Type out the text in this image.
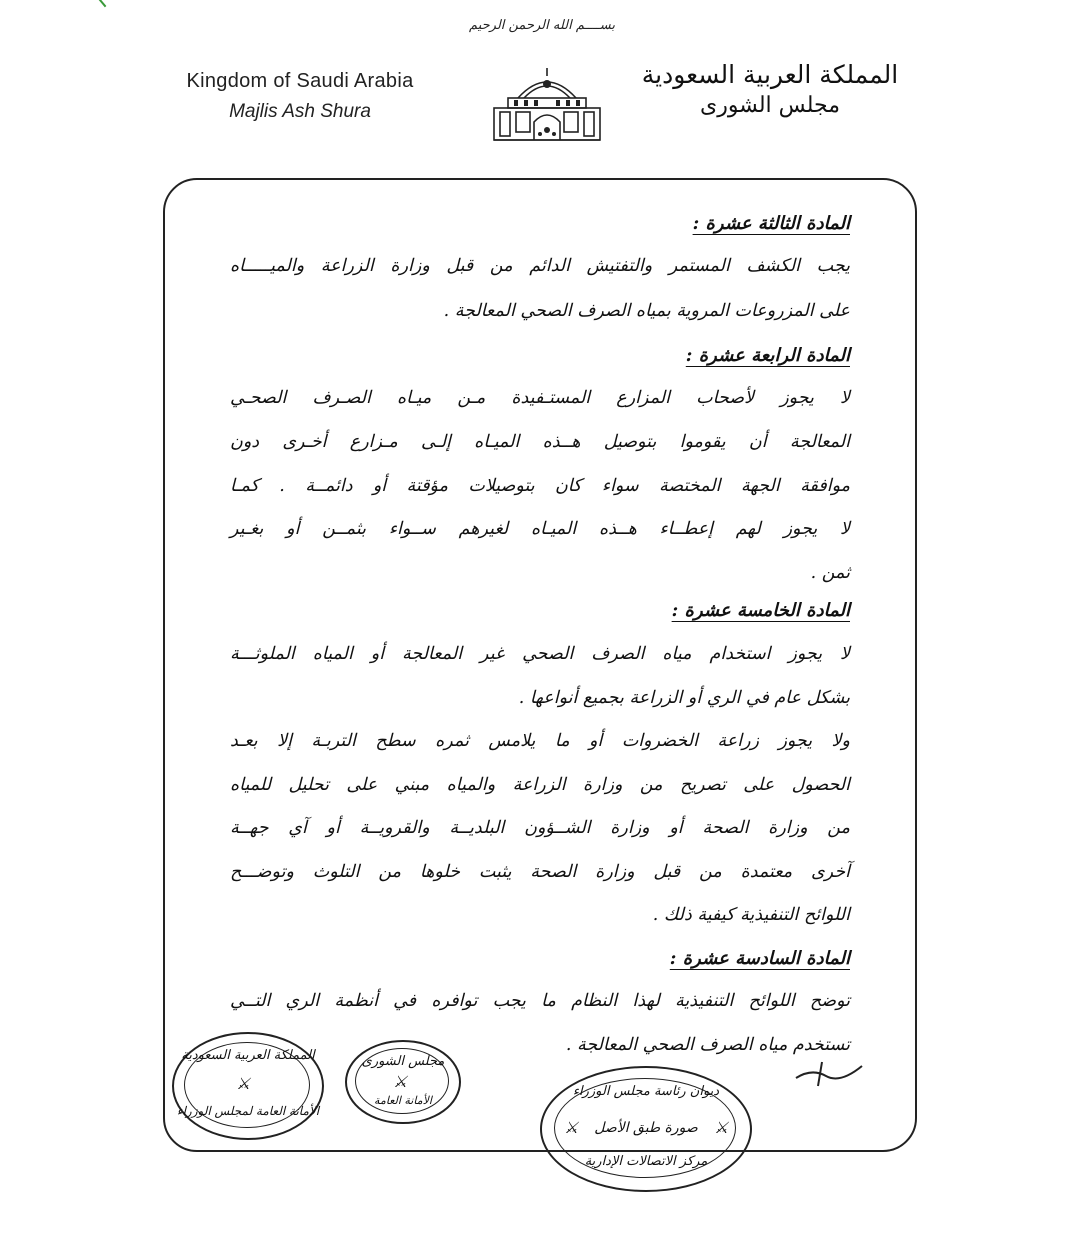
بســــم الله الرحمن الرحيم
Kingdom of Saudi Arabia
Majlis Ash Shura
المملكة العربية السعودية
مجلس الشورى
المادة الثالثة عشرة :
يجب الكشف المستمر والتفتيش الدائم من قبل وزارة الزراعة والميـــــاه
على المزروعات المروية بمياه الصرف الصحي المعالجة .
المادة الرابعة عشرة :
لا يجوز لأصحاب المزارع المستـفيدة مـن ميـاه الصـرف الصحـي
المعالجة أن يقوموا بتوصيل هــذه الميـاه إلـى مـزارع أخـرى دون
موافقة الجهة المختصة سواء كان بتوصيلات مؤقتة أو دائمــة . كمـا
لا يجوز لهم إعطــاء هــذه الميـاه لغيرهم ســواء بثمــن أو بغـير
ثمن .
المادة الخامسة عشرة :
لا يجوز استخدام مياه الصرف الصحي غير المعالجة أو المياه الملوثـــة
بشكل عام في الري أو الزراعة بجميع أنواعها .
ولا يجوز زراعة الخضروات أو ما يلامس ثمره سطح التربـة إلا بعـد
الحصول على تصريح من وزارة الزراعة والمياه مبني على تحليل للمياه
من وزارة الصحة أو وزارة الشــؤون البلديــة والقرويــة أو آي جهــة
آخرى معتمدة من قبل وزارة الصحة يثبت خلوها من التلوث وتوضـــح
اللوائح التنفيذية كيفية ذلك .
المادة السادسة عشرة :
توضح اللوائح التنفيذية لهذا النظام ما يجب توافره في أنظمة الري التــي
تستخدم مياه الصرف الصحي المعالجة .
المملكة العربية السعودية
⚔
الأمانة العامة لمجلس الوزراء
مجلس الشورى
⚔
الأمانة العامة
ديوان رئاسة مجلس الوزراء
⚔	⚔
صورة طبق الأصل
مركز الاتصالات الإدارية
